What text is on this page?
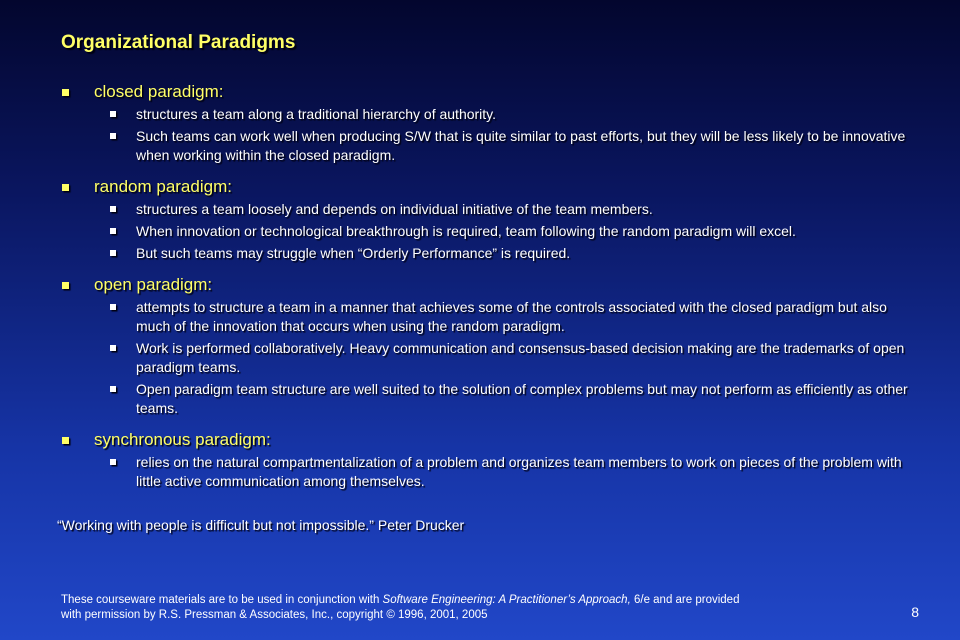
Organizational Paradigms
closed paradigm:
structures a team along a traditional hierarchy of authority.
Such teams can work well when producing S/W that is quite similar to past efforts, but they will be less likely to be innovative when working within the closed paradigm.
random paradigm:
structures a team loosely and depends on individual initiative of the team members.
When innovation or technological breakthrough is required, team following the random paradigm will excel.
But such teams may struggle when “Orderly Performance” is required.
open paradigm:
attempts to structure a team in a manner that achieves some of the controls associated with the closed paradigm but also much of the innovation that occurs when using the random paradigm.
Work is performed collaboratively. Heavy communication and consensus-based decision making are the trademarks of open paradigm teams.
Open paradigm team structure are well suited to the solution of complex problems but may not perform as efficiently as other teams.
synchronous paradigm:
relies on the natural compartmentalization of a problem and organizes team members to work on pieces of the problem with little active communication among themselves.
“Working with people is difficult but not impossible.” Peter Drucker
These courseware materials are to be used in conjunction with Software Engineering: A Practitioner’s Approach, 6/e and are provided
with permission by R.S. Pressman & Associates, Inc., copyright © 1996, 2001, 2005	8
